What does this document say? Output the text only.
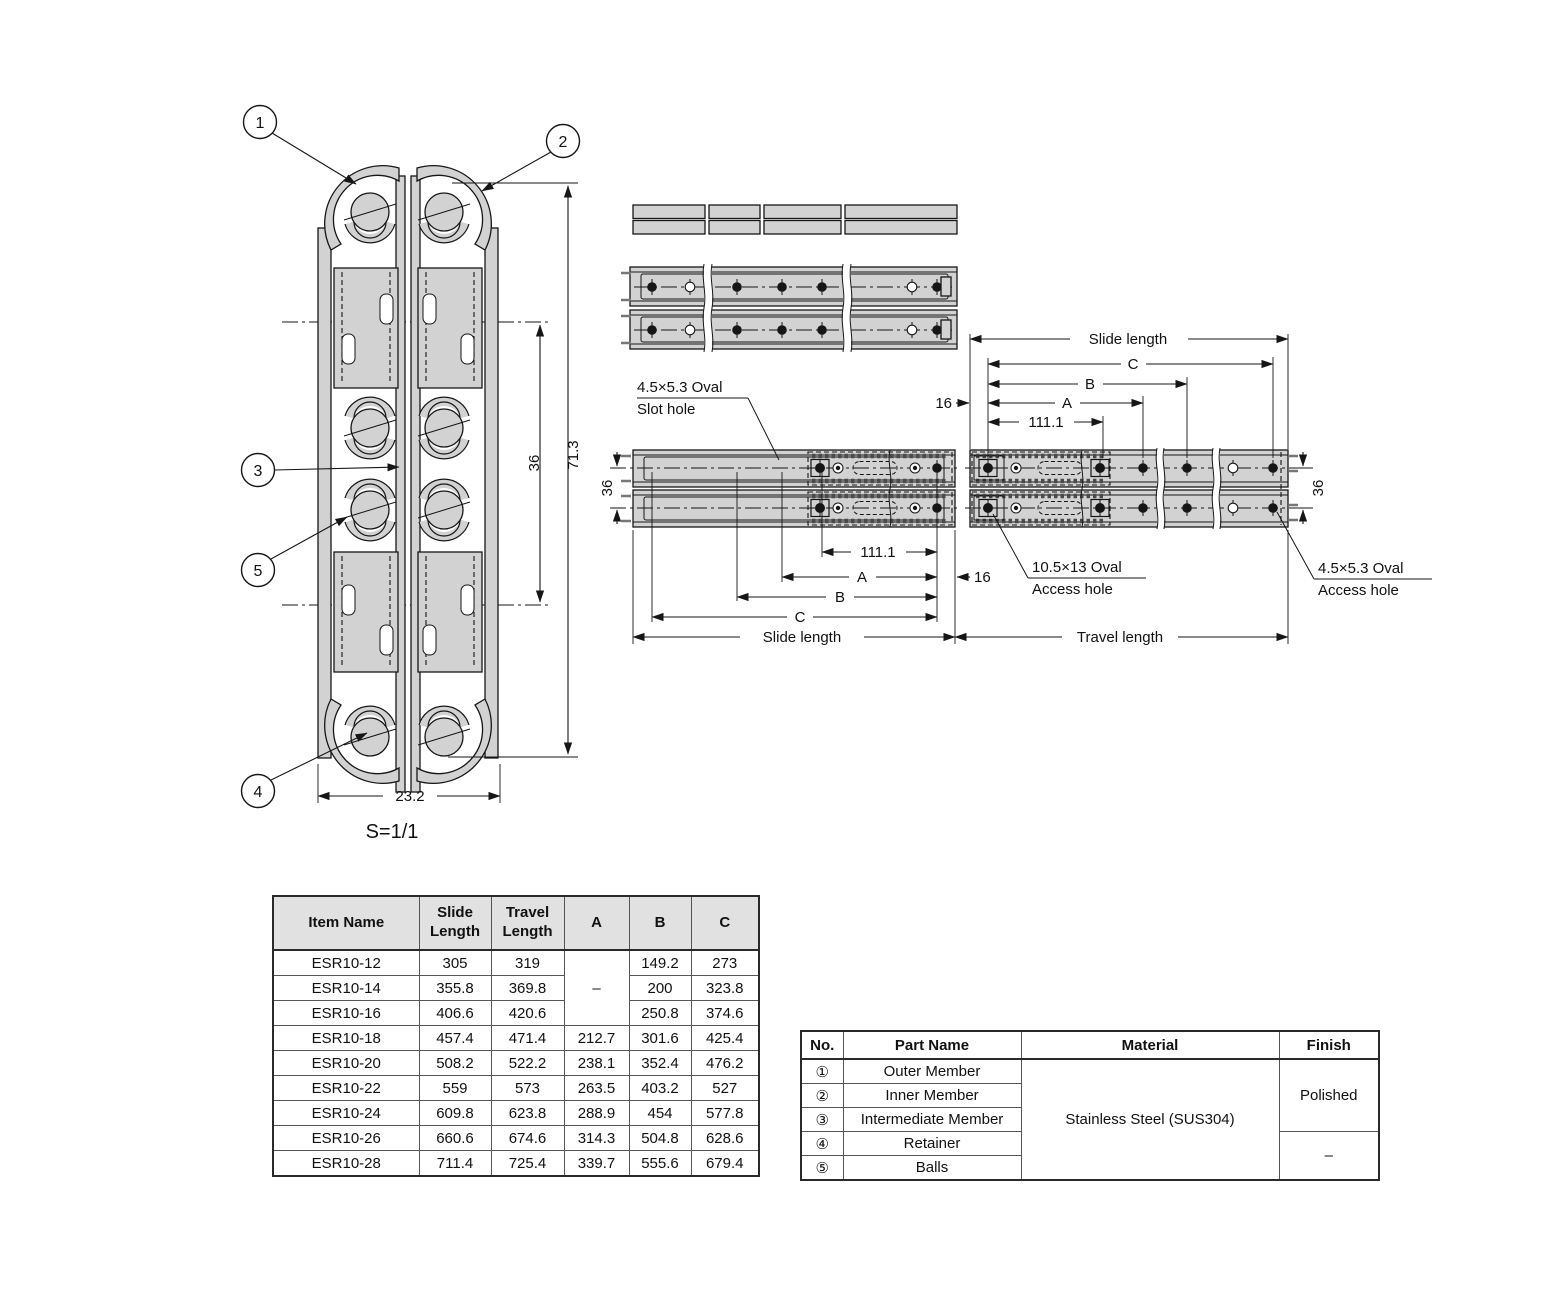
71.3
36
23.2
S=1/1
1
2
3
5
4
Slide length
C
B
A
16
111.1
111.1
A	16
B
C
Slide length	Travel length
36	36
4.5×5.3 Oval
Slot hole
10.5×13 Oval
Access hole
4.5×5.3 Oval
Access hole
Item Name	Slide Length	Travel Length	A	B	C
ESR10-12	305	319	–	149.2	273
ESR10-14	355.8	369.8		200	323.8
ESR10-16	406.6	420.6		250.8	374.6
ESR10-18	457.4	471.4	212.7	301.6	425.4
ESR10-20	508.2	522.2	238.1	352.4	476.2
ESR10-22	559	573	263.5	403.2	527
ESR10-24	609.8	623.8	288.9	454	577.8
ESR10-26	660.6	674.6	314.3	504.8	628.6
ESR10-28	711.4	725.4	339.7	555.6	679.4
No.	Part Name	Material	Finish
①	Outer Member	Stainless Steel (SUS304)	Polished
②	Inner Member		
③	Intermediate Member		
④	Retainer		–
⑤	Balls		
